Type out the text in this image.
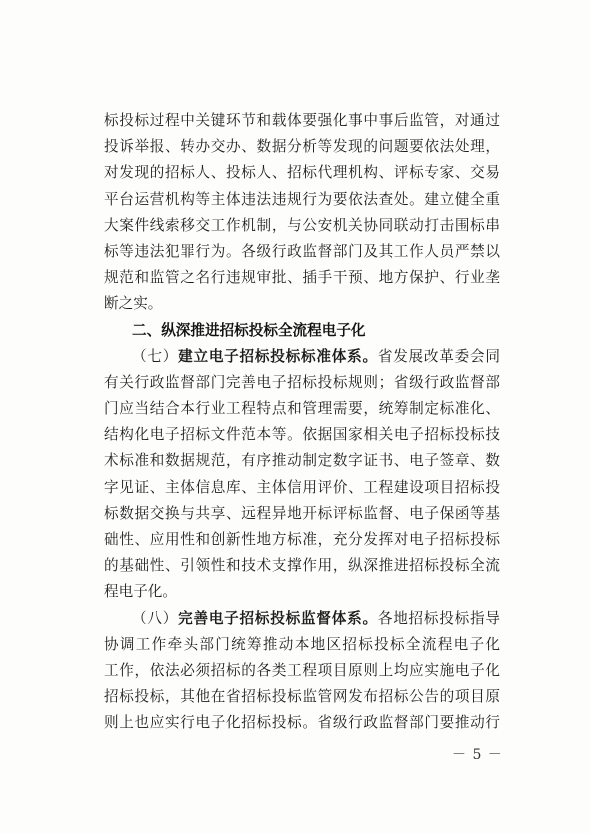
标投标过程中关键环节和载体要强化事中事后监管，对通过
投诉举报、转办交办、数据分析等发现的问题要依法处理，
对发现的招标人、投标人、招标代理机构、评标专家、交易
平台运营机构等主体违法违规行为要依法查处。建立健全重
大案件线索移交工作机制，与公安机关协同联动打击围标串
标等违法犯罪行为。各级行政监督部门及其工作人员严禁以
规范和监管之名行违规审批、插手干预、地方保护、行业垄
断之实。
二、纵深推进招标投标全流程电子化
（七）建立电子招标投标标准体系。省发展改革委会同
有关行政监督部门完善电子招标投标规则；省级行政监督部
门应当结合本行业工程特点和管理需要，统筹制定标准化、
结构化电子招标文件范本等。依据国家相关电子招标投标技
术标准和数据规范，有序推动制定数字证书、电子签章、数
字见证、主体信息库、主体信用评价、工程建设项目招标投
标数据交换与共享、远程异地开标评标监督、电子保函等基
础性、应用性和创新性地方标准，充分发挥对电子招标投标
的基础性、引领性和技术支撑作用，纵深推进招标投标全流
程电子化。
（八）完善电子招标投标监督体系。各地招标投标指导
协调工作牵头部门统筹推动本地区招标投标全流程电子化
工作，依法必须招标的各类工程项目原则上均应实施电子化
招标投标，其他在省招标投标监管网发布招标公告的项目原
则上也应实行电子化招标投标。省级行政监督部门要推动行
－ 5 －
